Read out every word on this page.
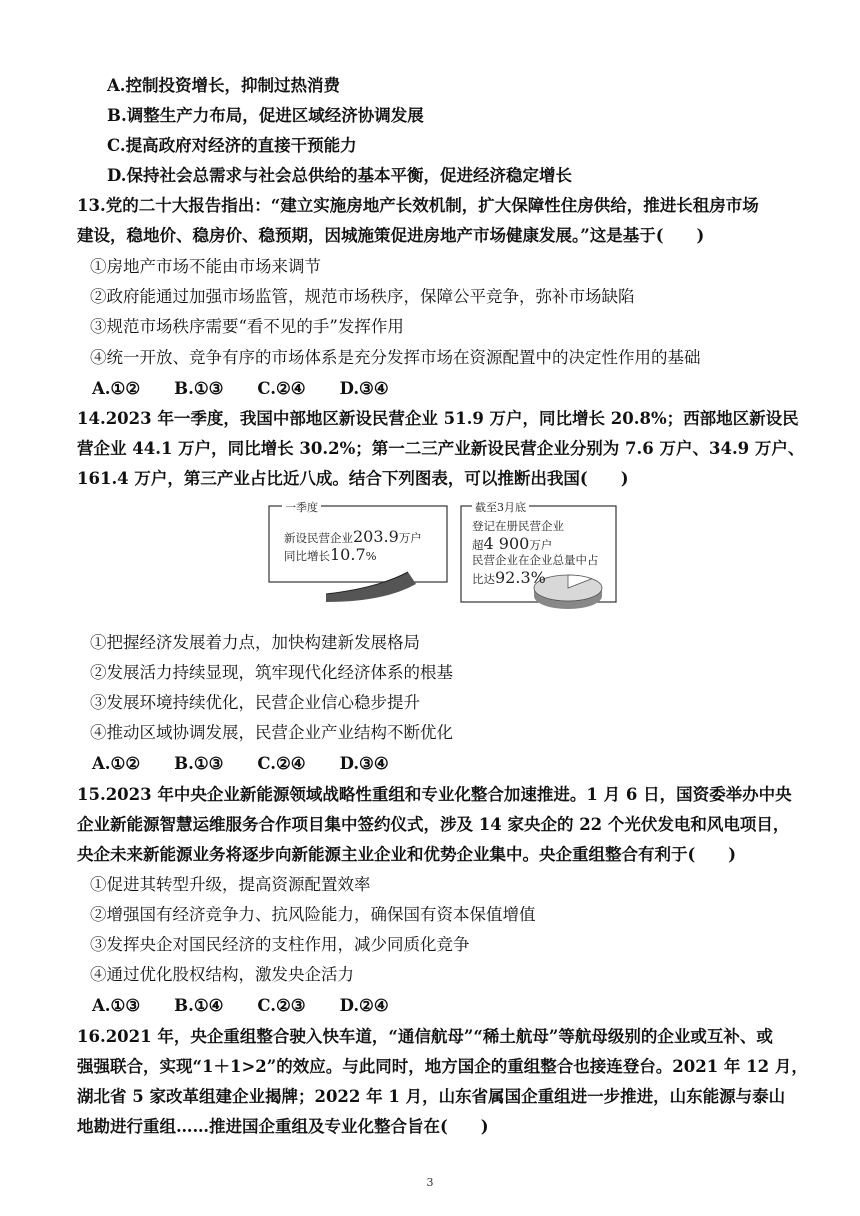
A.控制投资增长，抑制过热消费
B.调整生产力布局，促进区域经济协调发展
C.提高政府对经济的直接干预能力
D.保持社会总需求与社会总供给的基本平衡，促进经济稳定增长
13.党的二十大报告指出：“建立实施房地产长效机制，扩大保障性住房供给，推进长租房市场
建设，稳地价、稳房价、稳预期，因城施策促进房地产市场健康发展。”这是基于(　　)
①房地产市场不能由市场来调节
②政府能通过加强市场监管，规范市场秩序，保障公平竞争，弥补市场缺陷
③规范市场秩序需要“看不见的手”发挥作用
④统一开放、竞争有序的市场体系是充分发挥市场在资源配置中的决定性作用的基础
A.①② B.①③ C.②④ D.③④
14.2023 年一季度，我国中部地区新设民营企业 51.9 万户，同比增长 20.8%；西部地区新设民
营企业 44.1 万户，同比增长 30.2%；第一二三产业新设民营企业分别为 7.6 万户、34.9 万户、
161.4 万户，第三产业占比近八成。结合下列图表，可以推断出我国(　　)
一季度	截至3月底
新设民营企业203.9万户
同比增长10.7%
登记在册民营企业
超4 900万户
民营企业在企业总量中占
比达92.3%
①把握经济发展着力点，加快构建新发展格局
②发展活力持续显现，筑牢现代化经济体系的根基
③发展环境持续优化，民营企业信心稳步提升
④推动区域协调发展，民营企业产业结构不断优化
A.①② B.①③ C.②④ D.③④
15.2023 年中央企业新能源领域战略性重组和专业化整合加速推进。1 月 6 日，国资委举办中央
企业新能源智慧运维服务合作项目集中签约仪式，涉及 14 家央企的 22 个光伏发电和风电项目，
央企未来新能源业务将逐步向新能源主业企业和优势企业集中。央企重组整合有利于(　　)
①促进其转型升级，提高资源配置效率
②增强国有经济竞争力、抗风险能力，确保国有资本保值增值
③发挥央企对国民经济的支柱作用，减少同质化竞争
④通过优化股权结构，激发央企活力
A.①③ B.①④ C.②③ D.②④
16.2021 年，央企重组整合驶入快车道，“通信航母”“稀土航母”等航母级别的企业或互补、或
强强联合，实现“1＋1>2”的效应。与此同时，地方国企的重组整合也接连登台。2021 年 12 月，
湖北省 5 家改革组建企业揭牌；2022 年 1 月，山东省属国企重组进一步推进，山东能源与泰山
地勘进行重组……推进国企重组及专业化整合旨在(　　)
3
